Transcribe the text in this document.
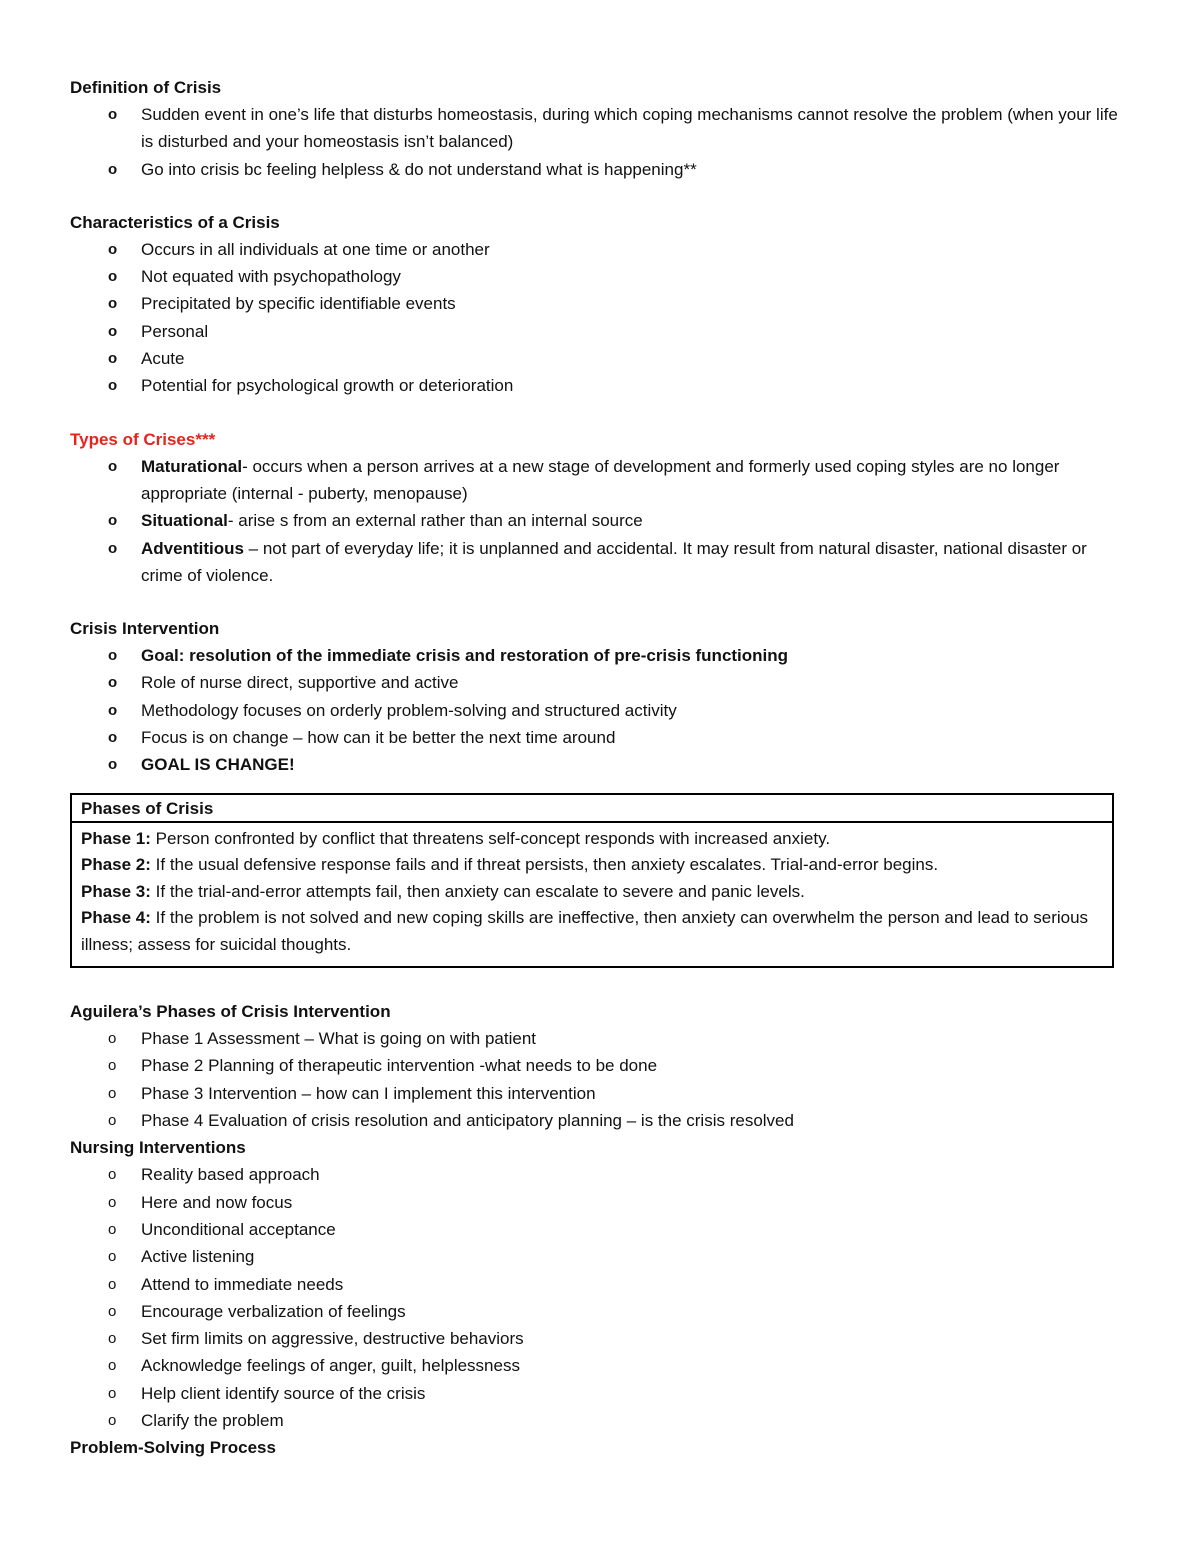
Definition of Crisis

o Sudden event in one’s life that disturbs homeostasis, during which coping mechanisms cannot resolve the problem (when your life is disturbed and your homeostasis isn’t balanced)
o Go into crisis bc feeling helpless & do not understand what is happening**

Characteristics of a Crisis

o Occurs in all individuals at one time or another
o Not equated with psychopathology
o Precipitated by specific identifiable events
o Personal
o Acute
o Potential for psychological growth or deterioration

Types of Crises***

o Maturational- occurs when a person arrives at a new stage of development and formerly used coping styles are no longer appropriate (internal - puberty, menopause)
o Situational- arise s from an external rather than an internal source
o Adventitious – not part of everyday life; it is unplanned and accidental. It may result from natural disaster, national disaster or crime of violence.

Crisis Intervention

o Goal: resolution of the immediate crisis and restoration of pre-crisis functioning
o Role of nurse direct, supportive and active
o Methodology focuses on orderly problem-solving and structured activity
o Focus is on change – how can it be better the next time around
o GOAL IS CHANGE!
Phases of Crisis

Phase 1: Person confronted by conflict that threatens self-concept responds with increased anxiety.

Phase 2: If the usual defensive response fails and if threat persists, then anxiety escalates. Trial-and-error begins.

Phase 3: If the trial-and-error attempts fail, then anxiety can escalate to severe and panic levels.

Phase 4: If the problem is not solved and new coping skills are ineffective, then anxiety can overwhelm the person and lead to serious illness; assess for suicidal thoughts.

Aguilera’s Phases of Crisis Intervention

o Phase 1 Assessment – What is going on with patient
o Phase 2 Planning of therapeutic intervention -what needs to be done
o Phase 3 Intervention – how can I implement this intervention
o Phase 4 Evaluation of crisis resolution and anticipatory planning – is the crisis resolved

Nursing Interventions

o Reality based approach
o Here and now focus
o Unconditional acceptance
o Active listening
o Attend to immediate needs
o Encourage verbalization of feelings
o Set firm limits on aggressive, destructive behaviors
o Acknowledge feelings of anger, guilt, helplessness
o Help client identify source of the crisis
o Clarify the problem

Problem-Solving Process
